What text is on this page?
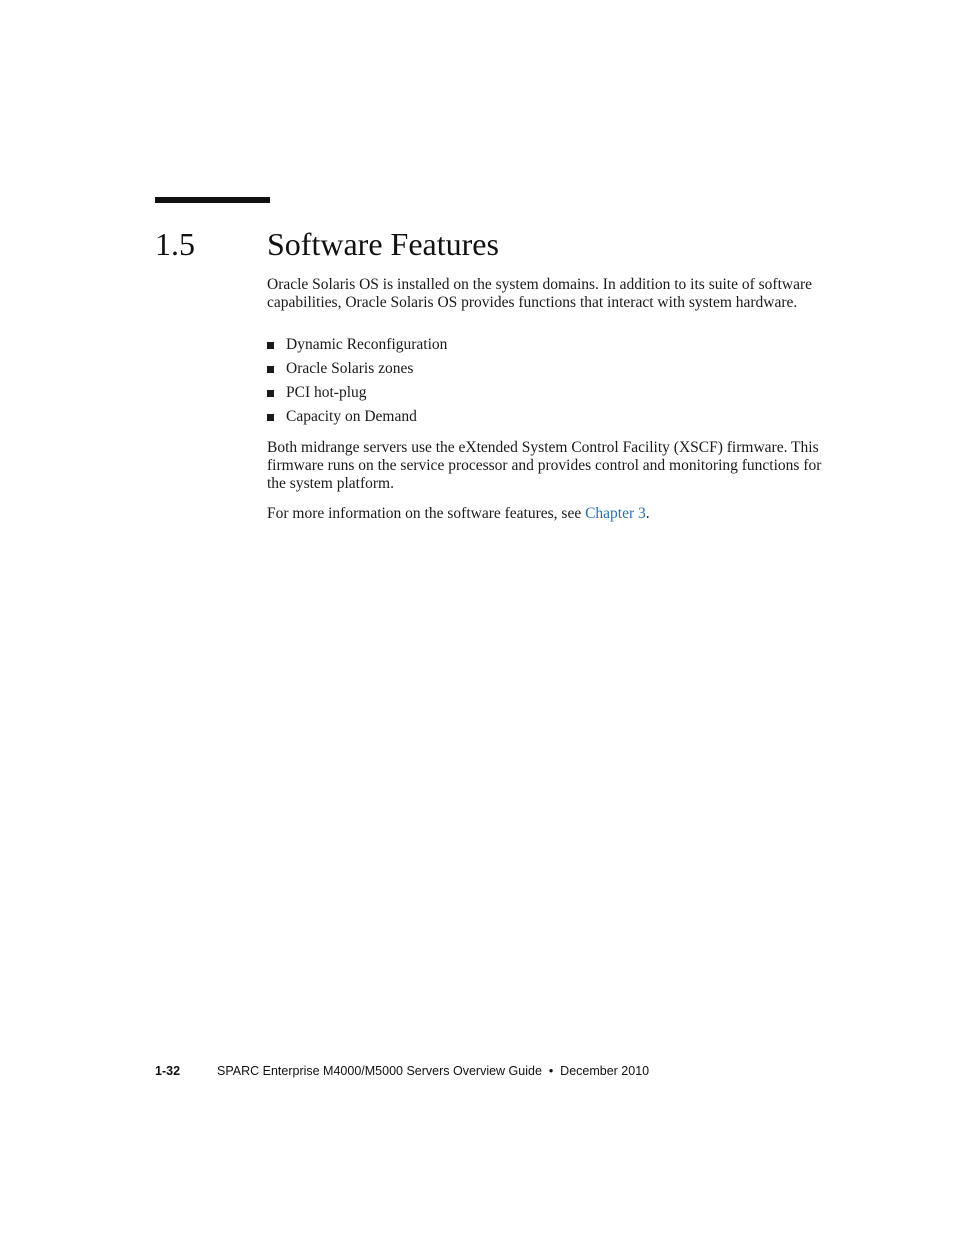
1.5 Software Features

Oracle Solaris OS is installed on the system domains. In addition to its suite of software capabilities, Oracle Solaris OS provides functions that interact with system hardware.

Dynamic Reconfiguration
Oracle Solaris zones
PCI hot-plug
Capacity on Demand

Both midrange servers use the eXtended System Control Facility (XSCF) firmware. This firmware runs on the service processor and provides control and monitoring functions for the system platform.

For more information on the software features, see Chapter 3.

1-32	SPARC Enterprise M4000/M5000 Servers Overview Guide  •  December 2010
